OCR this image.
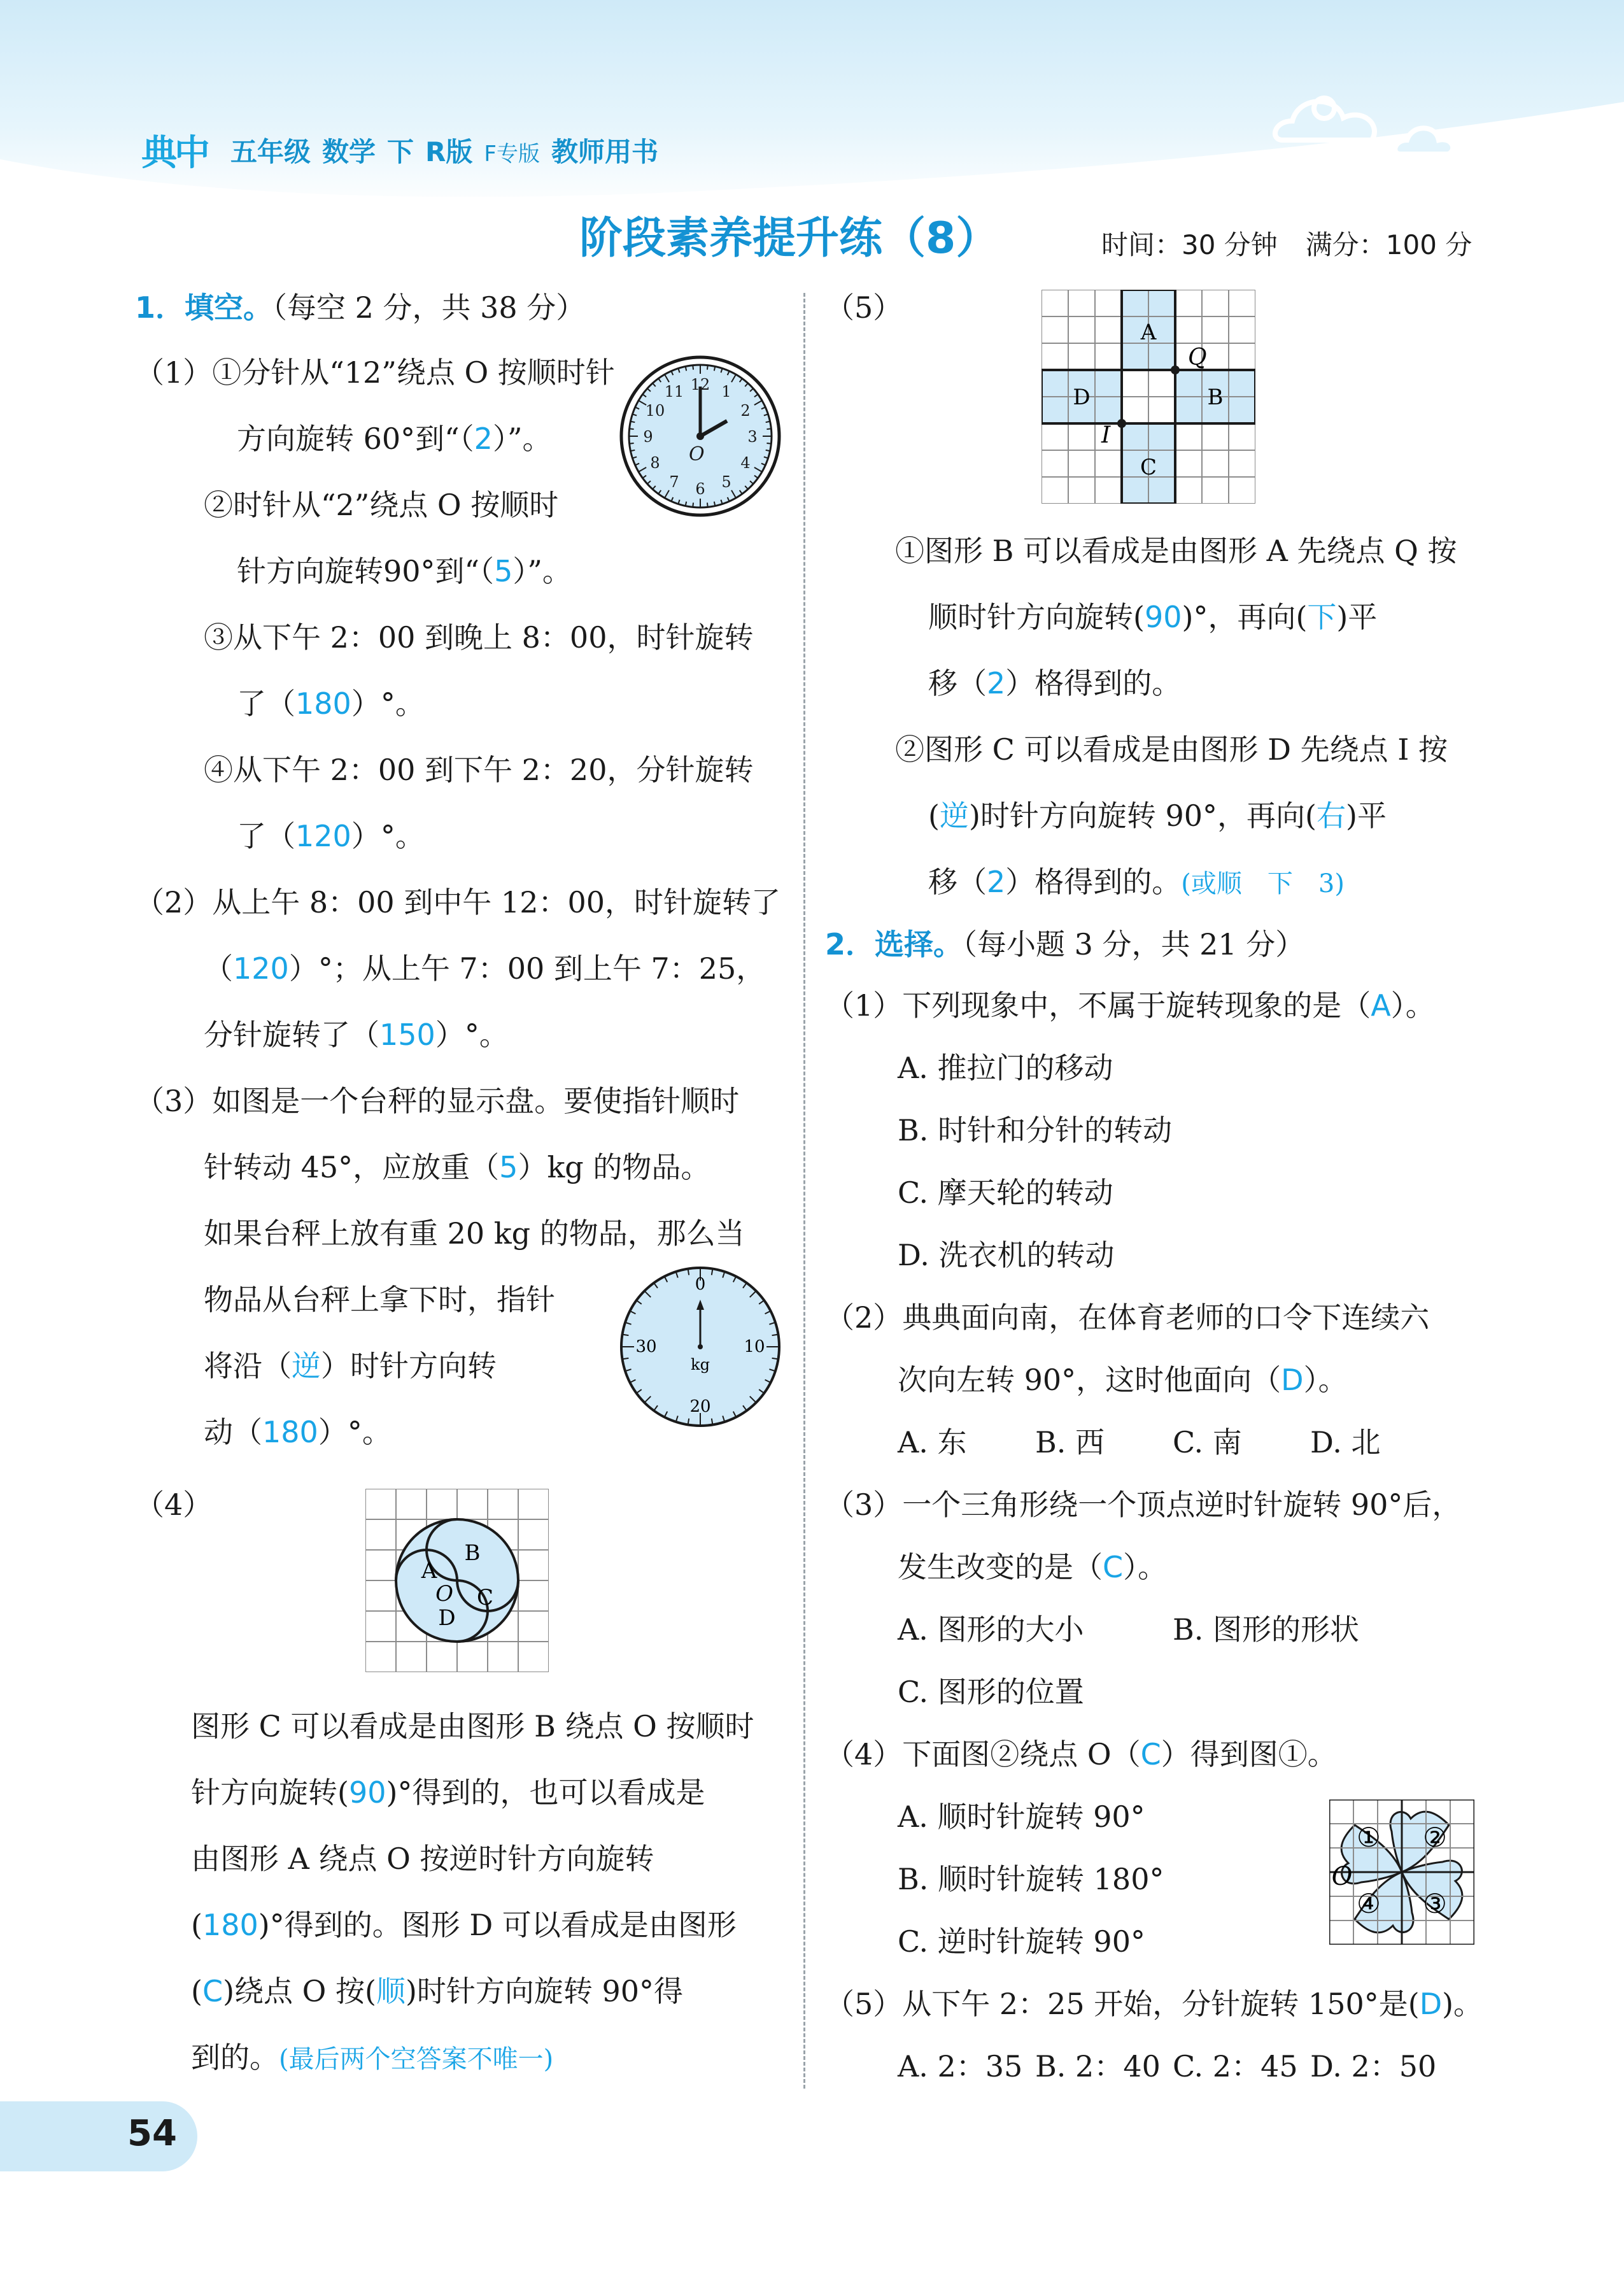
典中 五年级 数学 下 R版 F专版 教师用书
阶段素养提升练（8）	时间：30 分钟 满分：100 分
1．填空。（每空 2 分，共 38 分）
（1）①分针从“12”绕点 O 按顺时针
方向旋转 60°到“（2）”。
②时针从“2”绕点 O 按顺时
针方向旋转90°到“（5）”。
③从下午 2：00 到晚上 8：00，时针旋转
了（180）°。
④从下午 2：00 到下午 2：20，分针旋转
了（120）°。
12 1
2
3
4
5
6
7
8
9
10
11
O
（2）从上午 8：00 到中午 12：00，时针旋转了
（120）°；从上午 7：00 到上午 7：25，
分针旋转了（150）°。
（3）如图是一个台秤的显示盘。要使指针顺时
针转动 45°，应放重（5）kg 的物品。
如果台秤上放有重 20 kg 的物品，那么当
物品从台秤上拿下时，指针
将沿（逆）时针方向转
动（180）°。
0
10
20
30
kg
（4）
A
B
C
D
O
图形 C 可以看成是由图形 B 绕点 O 按顺时
针方向旋转(90)°得到的，也可以看成是
由图形 A 绕点 O 按逆时针方向旋转
(180)°得到的。图形 D 可以看成是由图形
(C)绕点 O 按(顺)时针方向旋转 90°得
到的。(最后两个空答案不唯一)
（5）
A
B
C
D
Q
I
①图形 B 可以看成是由图形 A 先绕点 Q 按
顺时针方向旋转(90)°，再向(下)平
移（2）格得到的。
②图形 C 可以看成是由图形 D 先绕点 I 按
(逆)时针方向旋转 90°，再向(右)平
移（2）格得到的。(或顺　下　3)
2．选择。（每小题 3 分，共 21 分）
（1）下列现象中，不属于旋转现象的是（A）。
A. 推拉门的移动
B. 时针和分针的转动
C. 摩天轮的转动
D. 洗衣机的转动
（2）典典面向南，在体育老师的口令下连续六
次向左转 90°，这时他面向（D）。
A. 东 B. 西 C. 南 D. 北
（3）一个三角形绕一个顶点逆时针旋转 90°后，
发生改变的是（C）。
A. 图形的大小	B. 图形的形状
C. 图形的位置
（4）下面图②绕点 O（C）得到图①。
A. 顺时针旋转 90°
B. 顺时针旋转 180°
C. 逆时针旋转 90°
① ②
④ ③
O
（5）从下午 2：25 开始，分针旋转 150°是(D)。
A. 2：35 B. 2：40 C. 2：45 D. 2：50
54
